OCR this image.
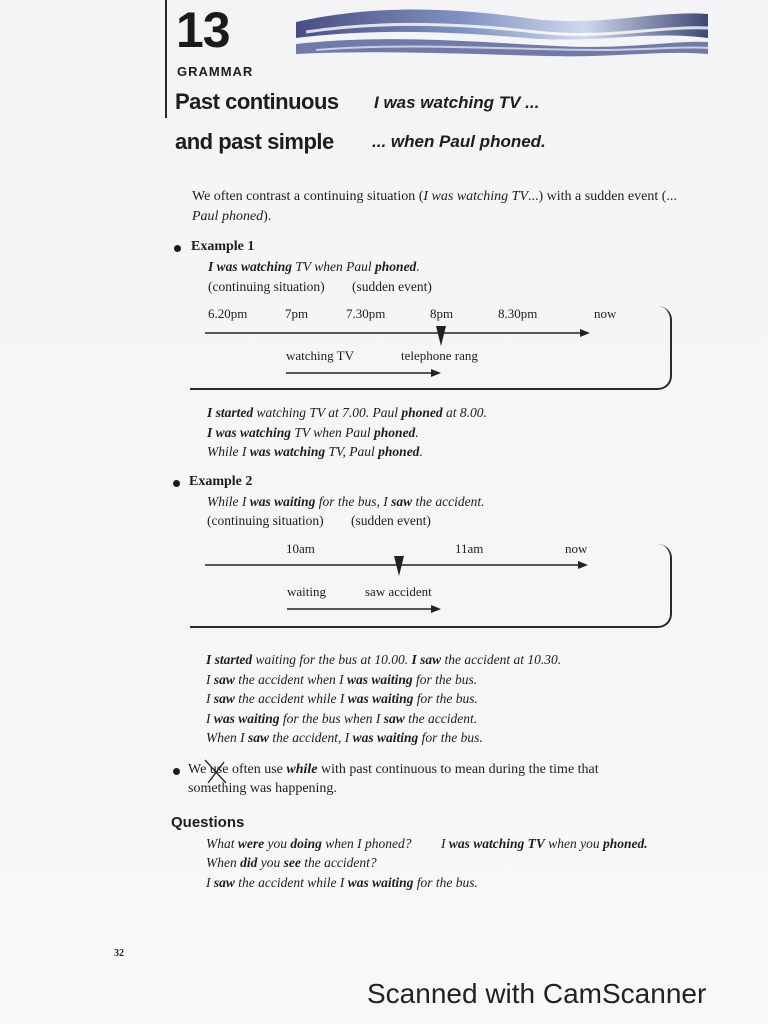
13
GRAMMAR
Past continuous I was watching TV ...
and past simple ... when Paul phoned.
We often contrast a continuing situation (I was watching TV...) with a sudden event (... Paul phoned).
Example 1
I was watching TV when Paul phoned.
(continuing situation) (sudden event)
6.20pm	7pm	7.30pm	8pm	8.30pm	now
watching TV	telephone rang
I started watching TV at 7.00. Paul phoned at 8.00.
I was watching TV when Paul phoned.
While I was watching TV, Paul phoned.
Example 2
While I was waiting for the bus, I saw the accident.
(continuing situation) (sudden event)
10am	11am	now
waiting	saw accident
I started waiting for the bus at 10.00. I saw the accident at 10.30.
I saw the accident when I was waiting for the bus.
I saw the accident while I was waiting for the bus.
I was waiting for the bus when I saw the accident.
When I saw the accident, I was waiting for the bus.
We use often use while with past continuous to mean during the time that
something was happening.
Questions
What were you doing when I phoned? I was watching TV when you phoned.
When did you see the accident?
I saw the accident while I was waiting for the bus.
32
Scanned with CamScanner
